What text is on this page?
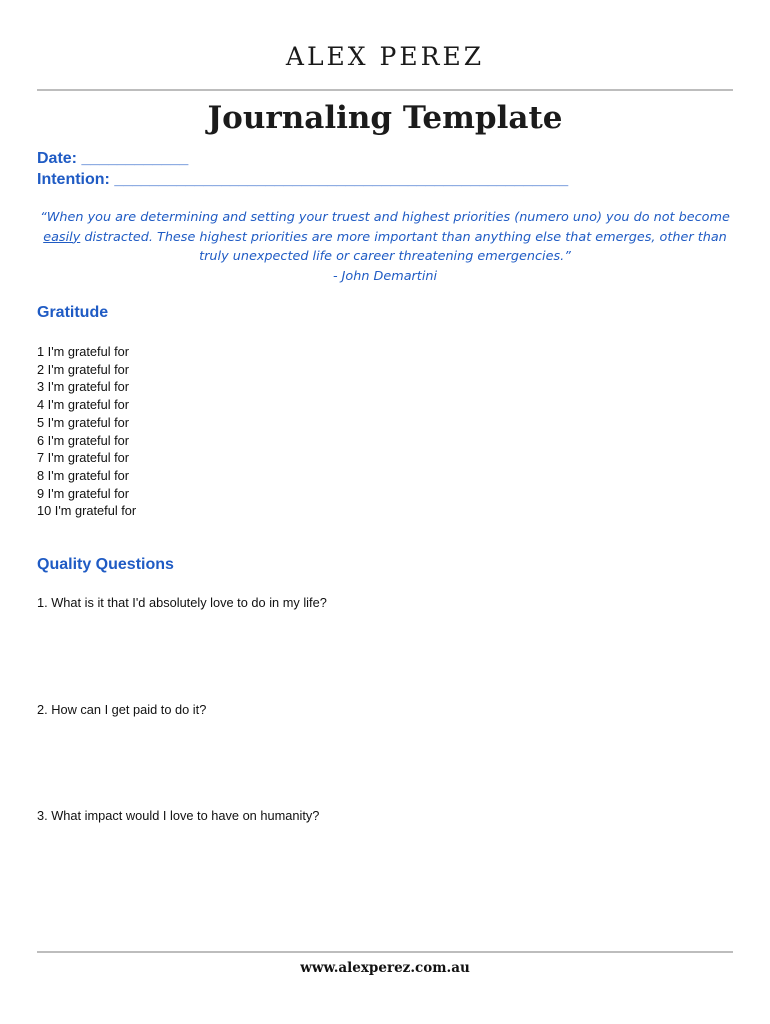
ALEX PEREZ
Journaling Template
Date: ____________
Intention: ___________________________________________________
“When you are determining and setting your truest and highest priorities (numero uno) you do not become easily distracted. These highest priorities are more important than anything else that emerges, other than truly unexpected life or career threatening emergencies.”
- John Demartini
Gratitude
1 I'm grateful for
2 I'm grateful for
3 I'm grateful for
4 I'm grateful for
5 I'm grateful for
6 I'm grateful for
7 I'm grateful for
8 I'm grateful for
9 I'm grateful for
10 I'm grateful for
Quality Questions
1. What is it that I'd absolutely love to do in my life?
2. How can I get paid to do it?
3. What impact would I love to have on humanity?
www.alexperez.com.au
